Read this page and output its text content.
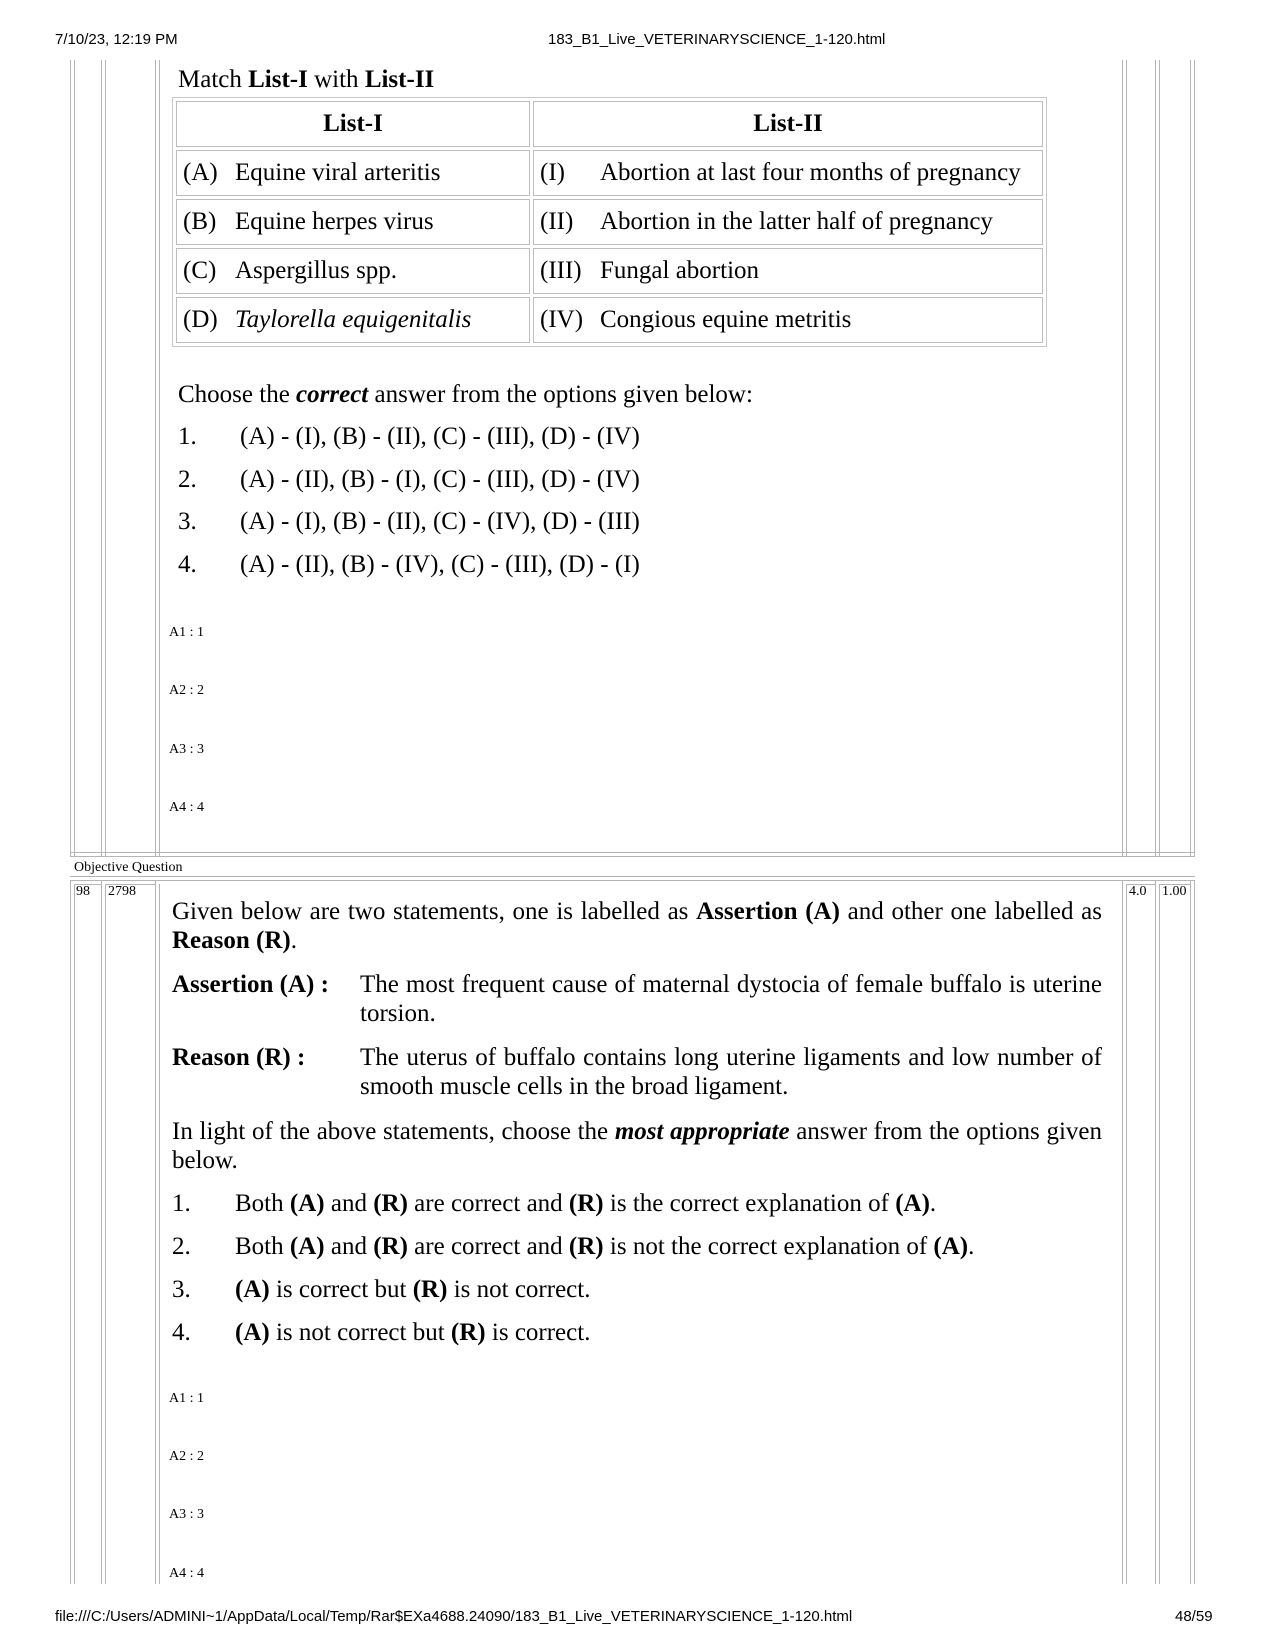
7/10/23, 12:19 PM	183_B1_Live_VETERINARYSCIENCE_1-120.html
file:///C:/Users/ADMINI~1/AppData/Local/Temp/Rar$EXa4688.24090/183_B1_Live_VETERINARYSCIENCE_1-120.html	48/59
Match List-I with List-II
List-I	List-II
(A) Equine viral arteritis	(I) Abortion at last four months of pregnancy
(B) Equine herpes virus	(II) Abortion in the latter half of pregnancy
(C) Aspergillus spp.	(III) Fungal abortion
(D) Taylorella equigenitalis	(IV) Congious equine metritis
Choose the correct answer from the options given below:
1. (A) - (I), (B) - (II), (C) - (III), (D) - (IV)
2. (A) - (II), (B) - (I), (C) - (III), (D) - (IV)
3. (A) - (I), (B) - (II), (C) - (IV), (D) - (III)
4. (A) - (II), (B) - (IV), (C) - (III), (D) - (I)
A1 : 1
A2 : 2
A3 : 3
A4 : 4
Objective Question
98 2798	4.0 1.00
Given below are two statements, one is labelled as Assertion (A) and other one labelled as Reason (R).
Assertion (A) : The most frequent cause of maternal dystocia of female buffalo is uterine torsion.
Reason (R) : The uterus of buffalo contains long uterine ligaments and low number of smooth muscle cells in the broad ligament.
In light of the above statements, choose the most appropriate answer from the options given below.
1. Both (A) and (R) are correct and (R) is the correct explanation of (A).
2. Both (A) and (R) are correct and (R) is not the correct explanation of (A).
3. (A) is correct but (R) is not correct.
4. (A) is not correct but (R) is correct.
A1 : 1
A2 : 2
A3 : 3
A4 : 4
